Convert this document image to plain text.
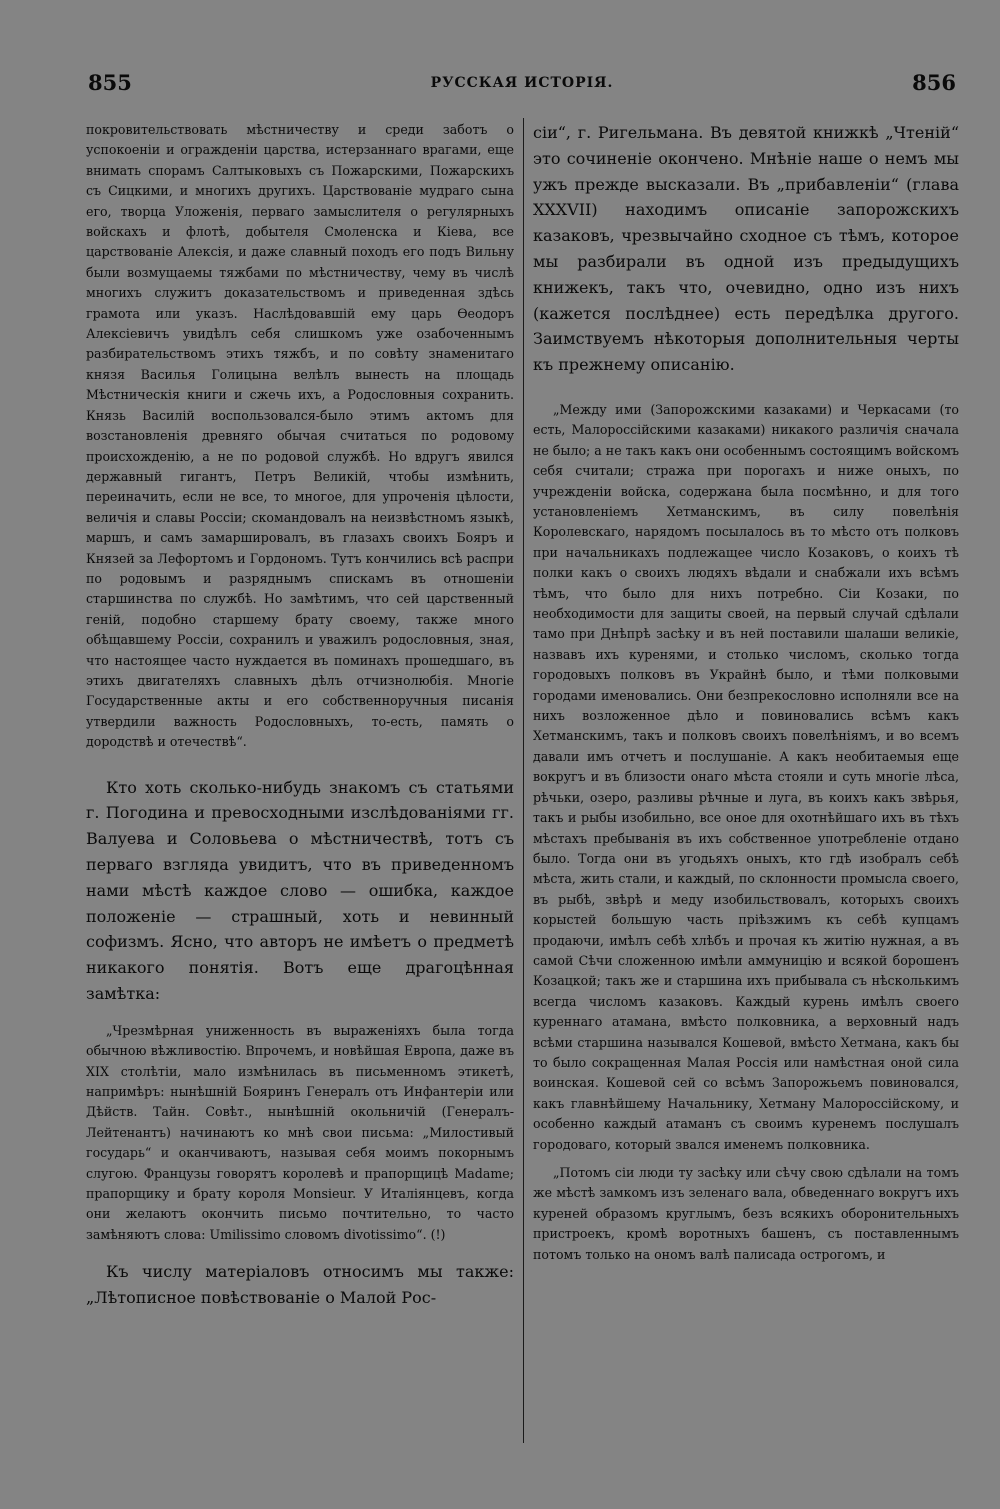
855	РУССКАЯ ИСТОРІЯ.	856

покровительствовать мѣстничеству и среди заботъ о успокоеніи и огражденіи царства, истерзаннаго врагами, еще внимать спорамъ Салтыковыхъ съ Пожарскими, Пожарскихъ съ Сицкими, и многихъ другихъ. Царствованіе мудраго сына его, творца Уложенія, перваго замыслителя о регулярныхъ войскахъ и флотѣ, добытеля Смоленска и Кіева, все царствованіе Алексія, и даже славный походъ его подъ Вильну были возмущаемы тяжбами по мѣстничеству, чему въ числѣ многихъ служитъ доказательствомъ и приведенная здѣсь грамота или указъ. Наслѣдовавшій ему царь Ѳеодоръ Алексіевичъ увидѣлъ себя слишкомъ уже озабоченнымъ разбирательствомъ этихъ тяжбъ, и по совѣту знаменитаго князя Василья Голицына велѣлъ вынесть на площадь Мѣстническія книги и сжечь ихъ, а Родословныя сохранить. Князь Василій воспользовался-было этимъ актомъ для возстановленія древняго обычая считаться по родовому происхожденію, а не по родовой службѣ. Но вдругъ явился державный гигантъ, Петръ Великій, чтобы измѣнить, переиначить, если не все, то многое, для упроченія цѣлости, величія и славы Россіи; скомандовалъ на неизвѣстномъ языкѣ, маршъ, и самъ замаршировалъ, въ глазахъ своихъ Бояръ и Князей за Лефортомъ и Гордономъ. Тутъ кончились всѣ распри по родовымъ и разряднымъ спискамъ въ отношеніи старшинства по службѣ. Но замѣтимъ, что сей царственный геній, подобно старшему брату своему, также много обѣщавшему Россіи, сохранилъ и уважилъ родословныя, зная, что настоящее часто нуждается въ поминахъ прошедшаго, въ этихъ двигателяхъ славныхъ дѣлъ отчизнолюбія. Многіе Государственные акты и его собственноручныя писанія утвердили важность Родословныхъ, то-есть, память о дородствѣ и отечествѣ“.

Кто хоть сколько-нибудь знакомъ съ статьями г. Погодина и превосходными изслѣдованіями гг. Валуева и Соловьева о мѣстничествѣ, тотъ съ перваго взгляда увидитъ, что въ приведенномъ нами мѣстѣ каждое слово — ошибка, каждое положеніе — страшный, хоть и невинный софизмъ. Ясно, что авторъ не имѣетъ о предметѣ никакого понятія. Вотъ еще драгоцѣнная замѣтка:

„Чрезмѣрная униженность въ выраженіяхъ была тогда обычною вѣжливостію. Впрочемъ, и новѣйшая Европа, даже въ XIX столѣтіи, мало измѣнилась въ письменномъ этикетѣ, напримѣръ: нынѣшній Бояринъ Генералъ отъ Инфантеріи или Дѣйств. Тайн. Совѣт., нынѣшній окольничій (Генералъ-Лейтенантъ) начинаютъ ко мнѣ свои письма: „Милостивый государь“ и оканчиваютъ, называя себя моимъ покорнымъ слугою. Французы говорятъ королевѣ и прапорщицѣ Madame; прапорщику и брату короля Monsieur. У Италіянцевъ, когда они желаютъ окончить письмо почтительно, то часто замѣняютъ слова: Umilissimo словомъ divotissimo“. (!)

Къ числу матеріаловъ относимъ мы также: „Лѣтописное повѣствованіе о Малой Рос-

сіи“, г. Ригельмана. Въ девятой книжкѣ „Чтеній“ это сочиненіе окончено. Мнѣніе наше о немъ мы ужъ прежде высказали. Въ „прибавленіи“ (глава XXXVII) находимъ описаніе запорожскихъ казаковъ, чрезвычайно сходное съ тѣмъ, которое мы разбирали въ одной изъ предыдущихъ книжекъ, такъ что, очевидно, одно изъ нихъ (кажется послѣднее) есть передѣлка другого. Заимствуемъ нѣкоторыя дополнительныя черты къ прежнему описанію.

„Между ими (Запорожскими казаками) и Черкасами (то есть, Малороссійскими казаками) никакого различія сначала не было; а не такъ какъ они особеннымъ состоящимъ войскомъ себя считали; стража при порогахъ и ниже оныхъ, по учрежденіи войска, содержана была посмѣнно, и для того установленіемъ Хетманскимъ, въ силу повелѣнія Королевскаго, нарядомъ посылалось въ то мѣсто отъ полковъ при начальникахъ подлежащее число Козаковъ, о коихъ тѣ полки какъ о своихъ людяхъ вѣдали и снабжали ихъ всѣмъ тѣмъ, что было для нихъ потребно. Сіи Козаки, по необходимости для защиты своей, на первый случай сдѣлали тамо при Днѣпрѣ засѣку и въ ней поставили шалаши великіе, назвавъ ихъ куренями, и столько числомъ, сколько тогда городовыхъ полковъ въ Украйнѣ было, и тѣми полковыми городами именовались. Они безпрекословно исполняли все на нихъ возложенное дѣло и повиновались всѣмъ какъ Хетманскимъ, такъ и полковъ своихъ повелѣніямъ, и во всемъ давали имъ отчетъ и послушаніе. А какъ необитаемыя еще вокругъ и въ близости онаго мѣста стояли и суть многіе лѣса, рѣчьки, озеро, разливы рѣчные и луга, въ коихъ какъ звѣрья, такъ и рыбы изобильно, все оное для охотнѣйшаго ихъ въ тѣхъ мѣстахъ пребыванія въ ихъ собственное употребленіе отдано было. Тогда они въ угодьяхъ оныхъ, кто гдѣ изобралъ себѣ мѣста, жить стали, и каждый, по склонности промысла своего, въ рыбѣ, звѣрѣ и меду изобильствовалъ, которыхъ своихъ корыстей большую часть пріѣзжимъ къ себѣ купцамъ продаючи, имѣлъ себѣ хлѣбъ и прочая къ житію нужная, а въ самой Сѣчи сложенною имѣли аммуницію и всякой борошенъ Козацкой; такъ же и старшина ихъ прибывала съ нѣсколькимъ всегда числомъ казаковъ. Каждый курень имѣлъ своего куреннаго атамана, вмѣсто полковника, а верховный надъ всѣми старшина назывался Кошевой, вмѣсто Хетмана, какъ бы то было сокращенная Малая Россія или намѣстная оной сила воинская. Кошевой сей со всѣмъ Запорожьемъ повиновался, какъ главнѣйшему Начальнику, Хетману Малороссійскому, и особенно каждый атаманъ съ своимъ куренемъ послушалъ городоваго, который звался именемъ полковника.

„Потомъ сіи люди ту засѣку или сѣчу свою сдѣлали на томъ же мѣстѣ замкомъ изъ зеленаго вала, обведеннаго вокругъ ихъ куреней образомъ круглымъ, безъ всякихъ оборонительныхъ пристроекъ, кромѣ воротныхъ башенъ, съ поставленнымъ потомъ только на ономъ валѣ палисада острогомъ, и
